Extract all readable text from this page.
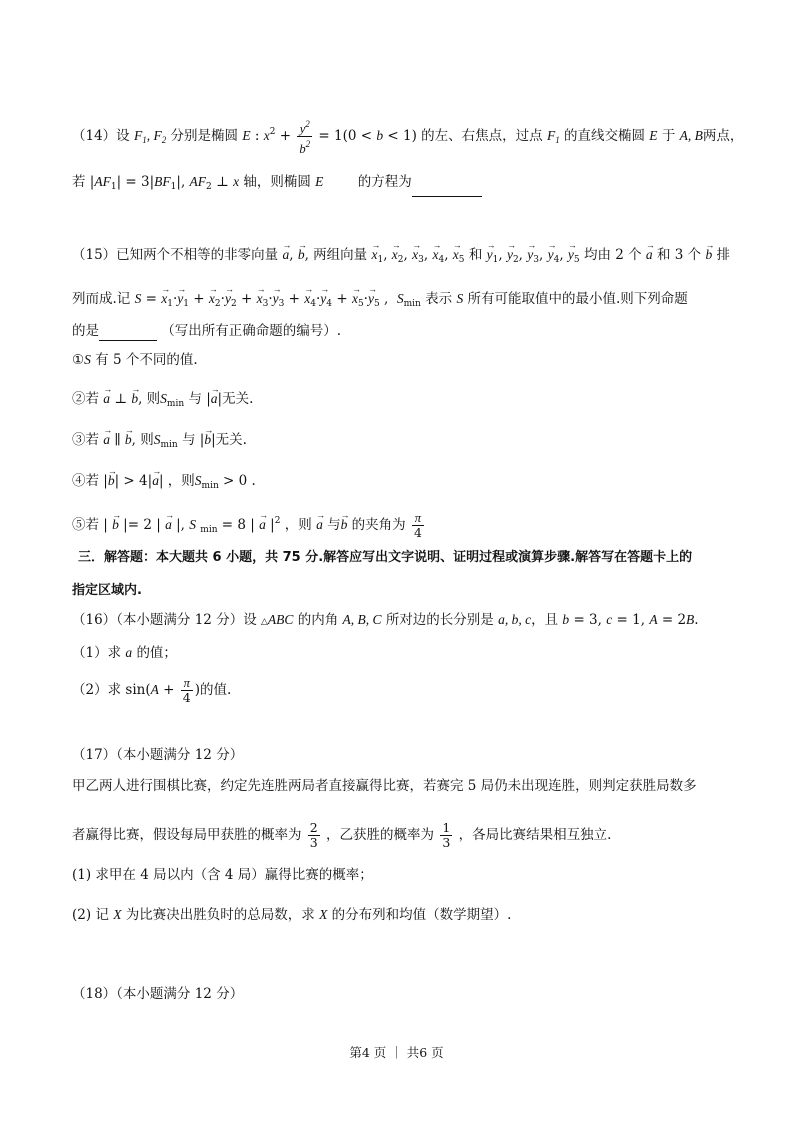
（14）设 $F_1$, $F_2$ 分别是椭圆 E : $x^2 + \frac{y^2}{b^2} = 1(0 < b < 1)$ 的左、右焦点，过点 $F_1$ 的直线交椭圆 E 于 A, B两点，
若 $|AF_1| = 3|BF_1|$, $AF_2$ ⊥ x 轴，则椭圆 E	的方程为
（15）已知两个不相等的非零向量 → a, → b, 两组向量 → $x_1$, → $x_2$, → $x_3$, → $x_4$, → $x_5$ 和 → $y_1$, → $y_2$, → $y_3$, → $y_4$, → $y_5$ 均由 2 个 → a 和 3 个 → b 排
列而成.记 S = → $x_1\cdot\to y_1$ + → $x_2\cdot\to y_2$ + → $x_3\cdot\to y_3$ + → $x_4\cdot\to y_4$ + → $x_5\cdot\to y_5$ ,  $S_{min}$ 表示 S 所有可能取值中的最小值.则下列命题
的是	（写出所有正确命题的编号）.
①S 有 5 个不同的值.
②若 → a ⊥ → b, 则$S_{min}$ 与 |→ a|无关.
③若 → a ∥ → b, 则$S_{min}$ 与 |→ b|无关.
④若 |→ b| > 4|→ a| ，则$S_{min} > 0$ .
⑤若 | → b |= 2 | → a |, S $_{min}$ = 8 | → a $|^2$ ，则 → a 与→ b 的夹角为 $\frac{\pi}{4}$
三．解答题：本大题共 6 小题，共 75 分.解答应写出文字说明、证明过程或演算步骤.解答写在答题卡上的
指定区域内.
（16）（本小题满分 12 分）设 △ABC 的内角 A, B, C 所对边的长分别是 a, b, c，且 b = 3, c = 1, A = 2B.
（1）求 a 的值；
（2）求 $\sin(A + \frac{\pi}{4}$ )的值.
（17）（本小题满分 12 分）
甲乙两人进行围棋比赛，约定先连胜两局者直接赢得比赛，若赛完 5 局仍未出现连胜，则判定获胜局数多
者赢得比赛，假设每局甲获胜的概率为 $\frac{2}{3}$ ，乙获胜的概率为 $\frac{1}{3}$ ，各局比赛结果相互独立.
(1) 求甲在 4 局以内（含 4 局）赢得比赛的概率；
(2) 记 X 为比赛决出胜负时的总局数，求 X 的分布列和均值（数学期望）.
（18）（本小题满分 12 分）
第4 页 ｜ 共6 页
